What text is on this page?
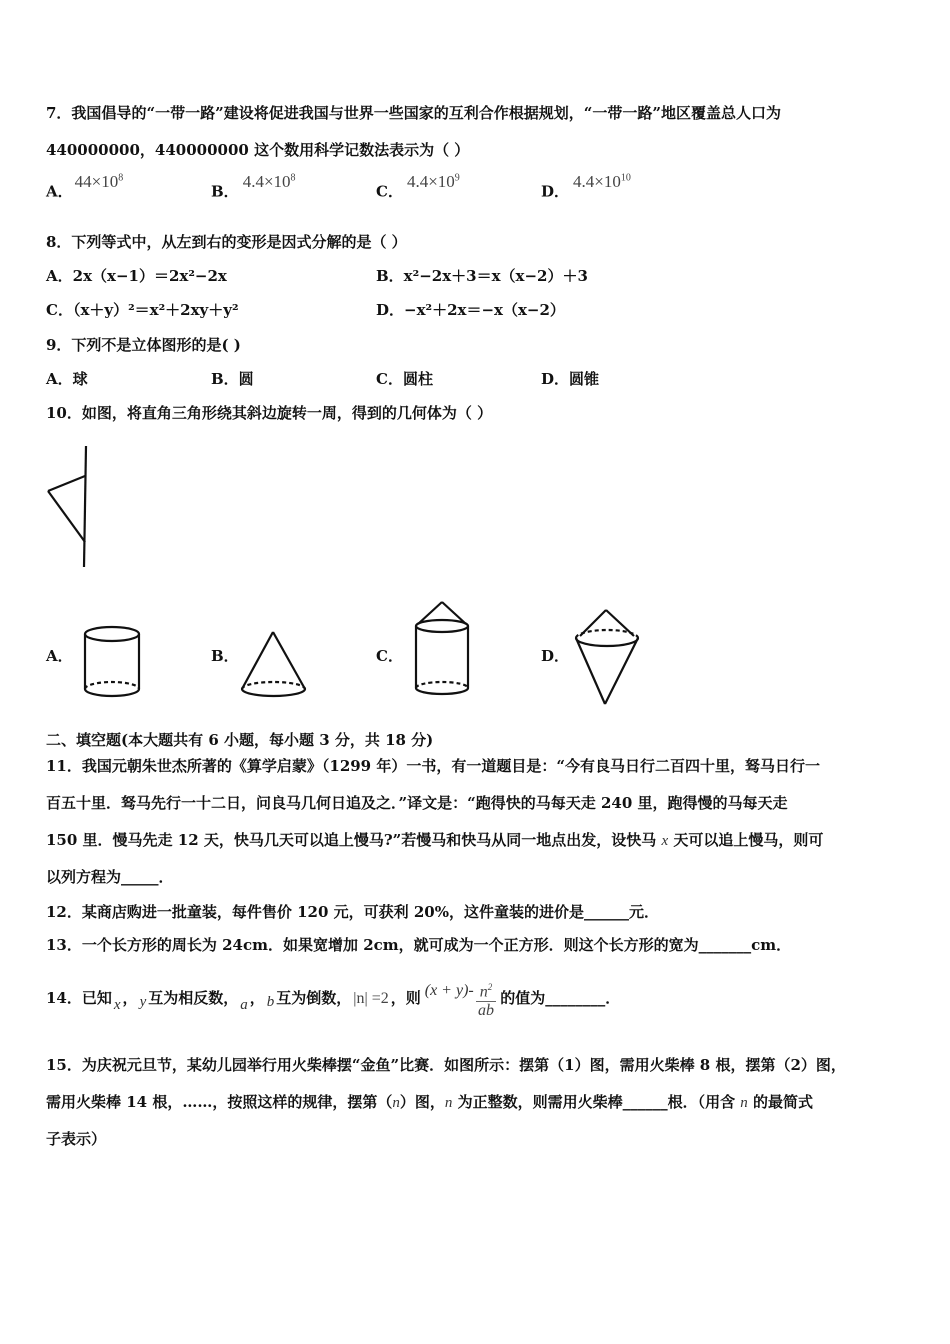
7．我国倡导的“一带一路”建设将促进我国与世界一些国家的互利合作根据规划，“一带一路”地区覆盖总人口为
440000000，440000000 这个数用科学记数法表示为（ ）
A．$44\times 10^8$
B．$4.4\times 10^8$
C．$4.4\times 10^9$
D．$4.4\times 10^{10}$
8．下列等式中，从左到右的变形是因式分解的是（ ）
A．2x（x−1）＝2x²−2x	B．x²−2x＋3＝x（x−2）＋3
C．（x＋y）²＝x²＋2xy＋y²	D．−x²＋2x＝−x（x−2）
9．下列不是立体图形的是( )
A．球	B．圆	C．圆柱	D．圆锥
10．如图，将直角三角形绕其斜边旋转一周，得到的几何体为（ ）
A．	B．	C．	D．
二、填空题(本大题共有 6 小题，每小题 3 分，共 18 分)
11．我国元朝朱世杰所著的《算学启蒙》（1299 年）一书，有一道题目是：“今有良马日行二百四十里，驽马日行一
百五十里．驽马先行一十二日，问良马几何日追及之．”译文是：“跑得快的马每天走 240 里，跑得慢的马每天走
150 里．慢马先走 12 天，快马几天可以追上慢马?”若慢马和快马从同一地点出发，设快马 x 天可以追上慢马，则可
以列方程为_____．
12．某商店购进一批童装，每件售价 120 元，可获利 20%，这件童装的进价是______元．
13．一个长方形的周长为 24cm．如果宽增加 2cm，就可成为一个正方形．则这个长方形的宽为_______cm．
14．已知 x ， y 互为相反数， a ， b 互为倒数， |n| =2 ，则 $(x + y)- \frac{n^2}{ab}$ 的值为________．
15．为庆祝元旦节，某幼儿园举行用火柴棒摆“金鱼”比赛．如图所示：摆第（1）图，需用火柴棒 8 根，摆第（2）图，
需用火柴棒 14 根，……，按照这样的规律，摆第（n）图，n 为正整数，则需用火柴棒______根．（用含 n 的最简式
子表示）
